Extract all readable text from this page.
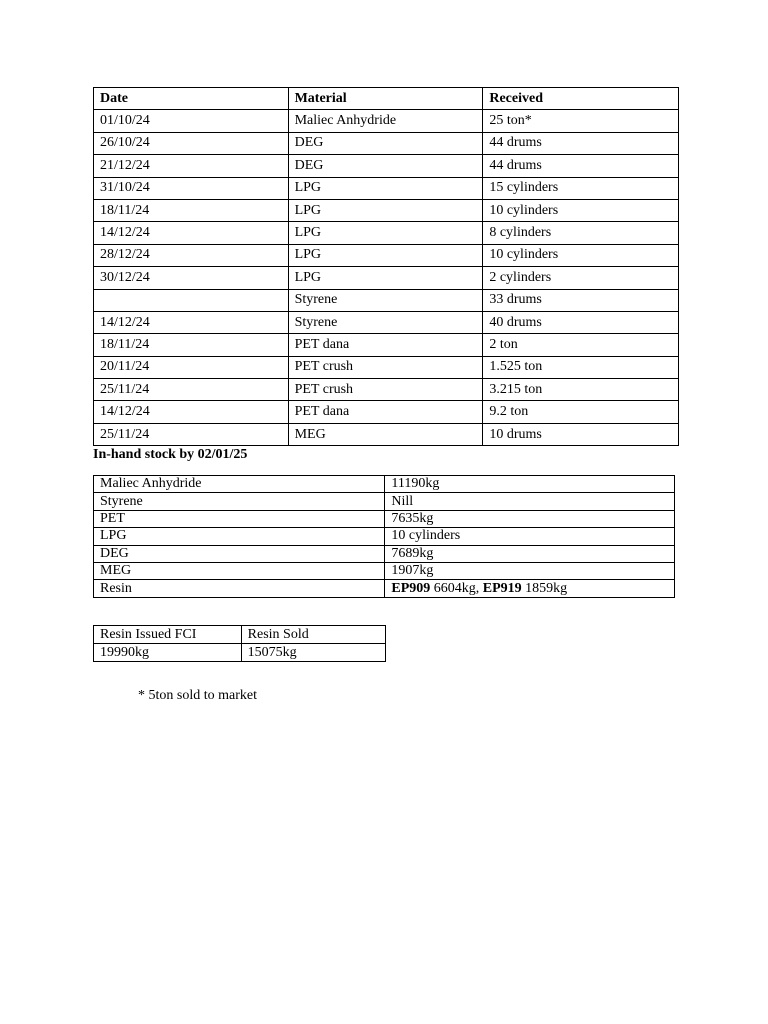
Date	Material	Received
01/10/24	Maliec Anhydride	25 ton*
26/10/24	DEG	44 drums
21/12/24	DEG	44 drums
31/10/24	LPG	15 cylinders
18/11/24	LPG	10 cylinders
14/12/24	LPG	8 cylinders
28/12/24	LPG	10 cylinders
30/12/24	LPG	2 cylinders
	Styrene	33 drums
14/12/24	Styrene	40 drums
18/11/24	PET dana	2 ton
20/11/24	PET crush	1.525 ton
25/11/24	PET crush	3.215 ton
14/12/24	PET dana	9.2 ton
25/11/24	MEG	10 drums

In-hand stock by 02/01/25

Maliec Anhydride	11190kg
Styrene	Nill
PET	7635kg
LPG	10 cylinders
DEG	7689kg
MEG	1907kg
Resin	EP909 6604kg, EP919 1859kg
Resin Issued FCI	Resin Sold
19990kg	15075kg

* 5ton sold to market
